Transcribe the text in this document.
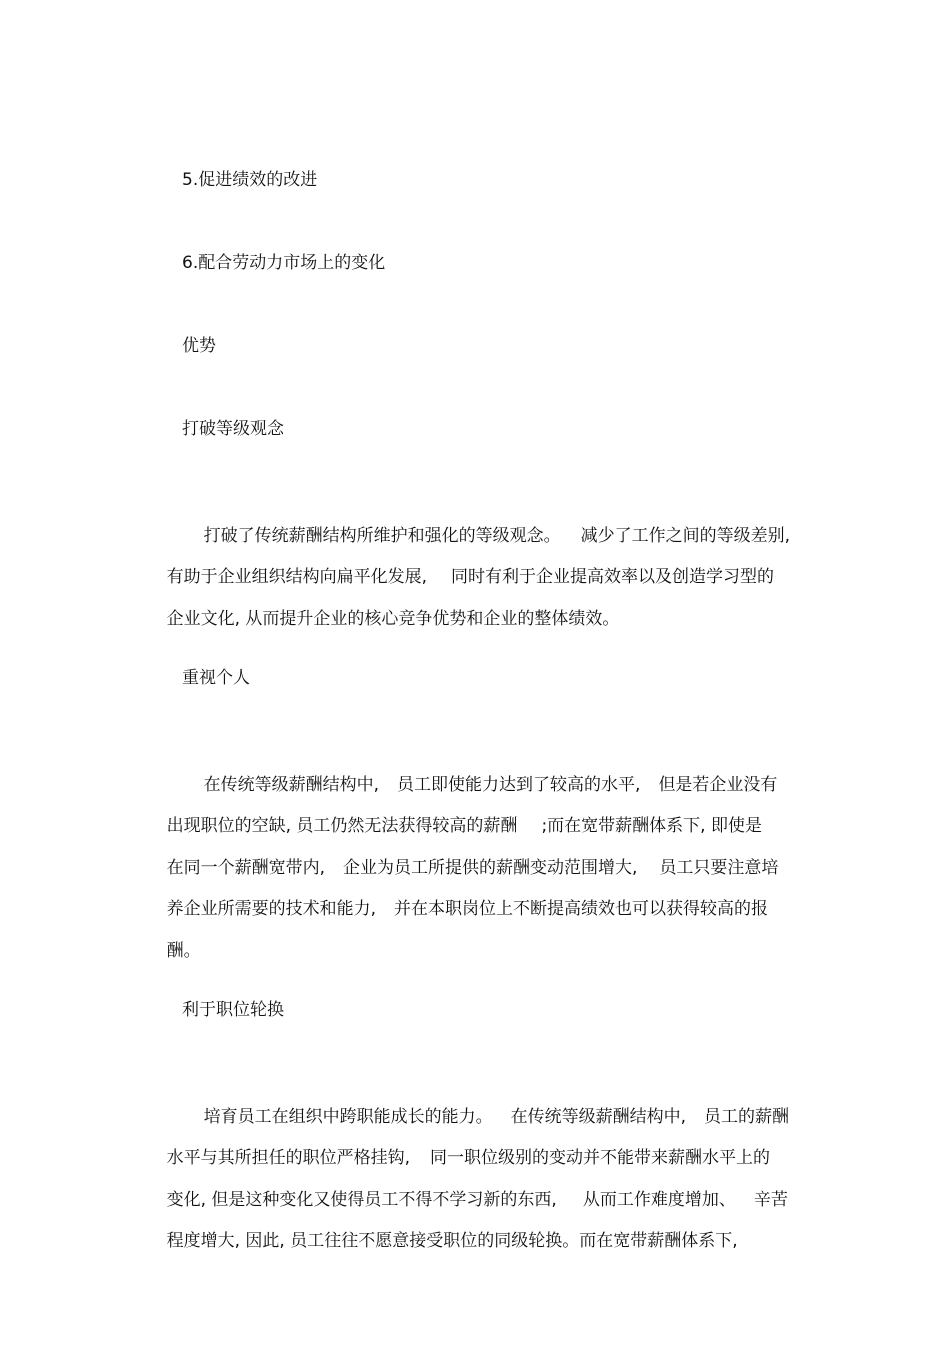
5.促进绩效的改进
6.配合劳动力市场上的变化
优势
打破等级观念

打破了传统薪酬结构所维护和强化的等级观念。 减少了工作之间的等级差别,

有助于企业组织结构向扁平化发展, 同时有利于企业提高效率以及创造学习型的

企业文化, 从而提升企业的核心竞争优势和企业的整体绩效。

重视个人

在传统等级薪酬结构中, 员工即使能力达到了较高的水平, 但是若企业没有

出现职位的空缺, 员工仍然无法获得较高的薪酬 ;而在宽带薪酬体系下, 即使是

在同一个薪酬宽带内, 企业为员工所提供的薪酬变动范围增大, 员工只要注意培

养企业所需要的技术和能力, 并在本职岗位上不断提高绩效也可以获得较高的报

酬。

利于职位轮换

培育员工在组织中跨职能成长的能力。 在传统等级薪酬结构中, 员工的薪酬

水平与其所担任的职位严格挂钩, 同一职位级别的变动并不能带来薪酬水平上的

变化, 但是这种变化又使得员工不得不学习新的东西, 从而工作难度增加、 辛苦

程度增大, 因此, 员工往往不愿意接受职位的同级轮换。而在宽带薪酬体系下,
